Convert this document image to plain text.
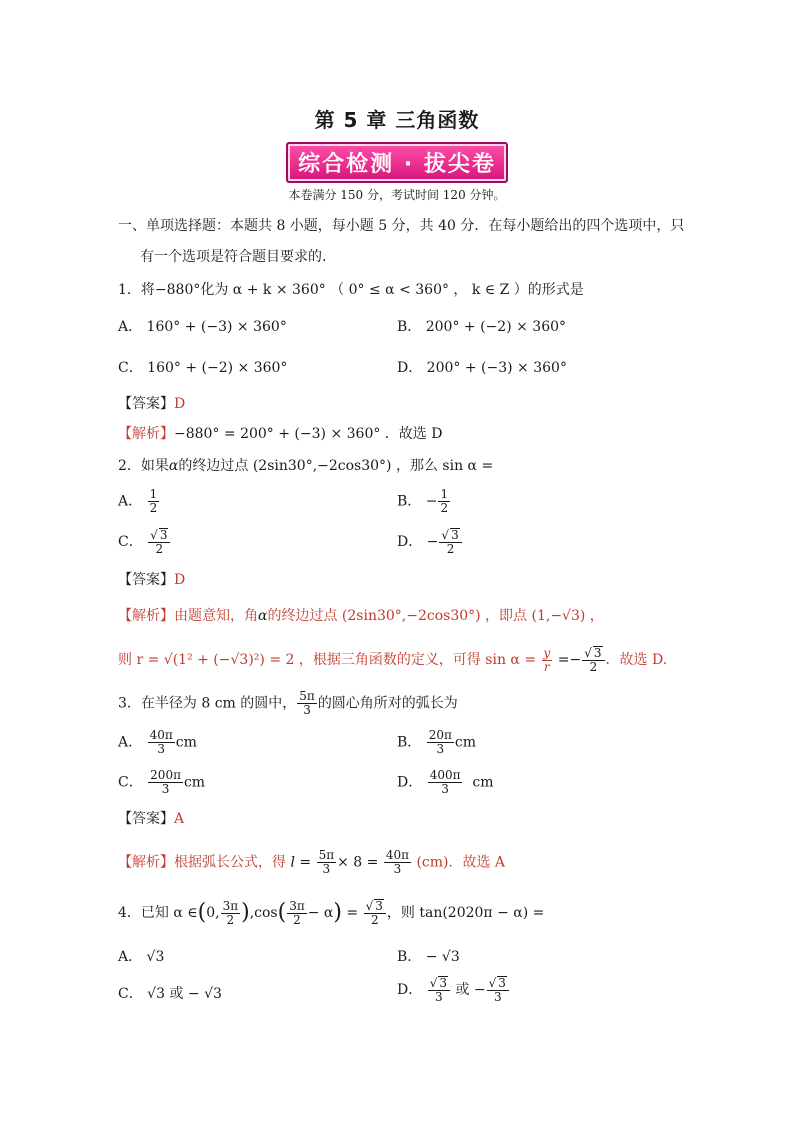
第 5 章 三角函数
综合检测 · 拔尖卷
本卷满分 150 分，考试时间 120 分钟。
一、单项选择题：本题共 8 小题，每小题 5 分，共 40 分．在每小题给出的四个选项中，只
有一个选项是符合题目要求的.
1．将−880°化为 α + k × 360° （ 0° ≤ α < 360° ， k ∈ Z ）的形式是
A． 160° + (−3) × 360°	B． 200° + (−2) × 360°
C． 160° + (−2) × 360°	D． 200° + (−3) × 360°
【答案】D
【解析】−880° = 200° + (−3) × 360° ．故选 D
2．如果α的终边过点 (2sin30°,−2cos30°) ，那么 sin α =
A． $\frac{1}{2}$	B． − $\frac{1}{2}$
C． $\frac{√ 3}{2}$	D． − $\frac{√ 3}{2}$
【答案】D
【解析】由题意知，角α的终边过点 (2sin30°,−2cos30°) ，即点 (1,−√3) ，
则 r = √(1² + (−√3)²) = 2 ，根据三角函数的定义，可得 $\sin \alpha = \frac{y}{r} =- \frac{√ 3}{2}$ ．故选 D.
3．在半径为 8 cm 的圆中， $\frac{5\pi}{3}$ 的圆心角所对的弧长为
A． $\frac{40\pi}{3}$ cm	B． $\frac{20\pi}{3}$ cm
C． $\frac{200\pi}{3}$ cm	D． $\frac{400\pi}{3}$ cm
【答案】A
【解析】根据弧长公式，得 $l = \frac{5\pi}{3} \times 8 = \frac{40\pi}{3} (cm)$．故选 A
4．已知 α ∈(0, $\frac{3\pi}{2} ),\cos( \frac{3\pi}{2} - \alpha) = \frac{√ 3}{2}$ ，则 tan(2020π − α) =
A． √3	B． − √3
C． √3 或 − √3	D． $\frac{√ 3}{3}$ 或 − $\frac{√ 3}{3}$
